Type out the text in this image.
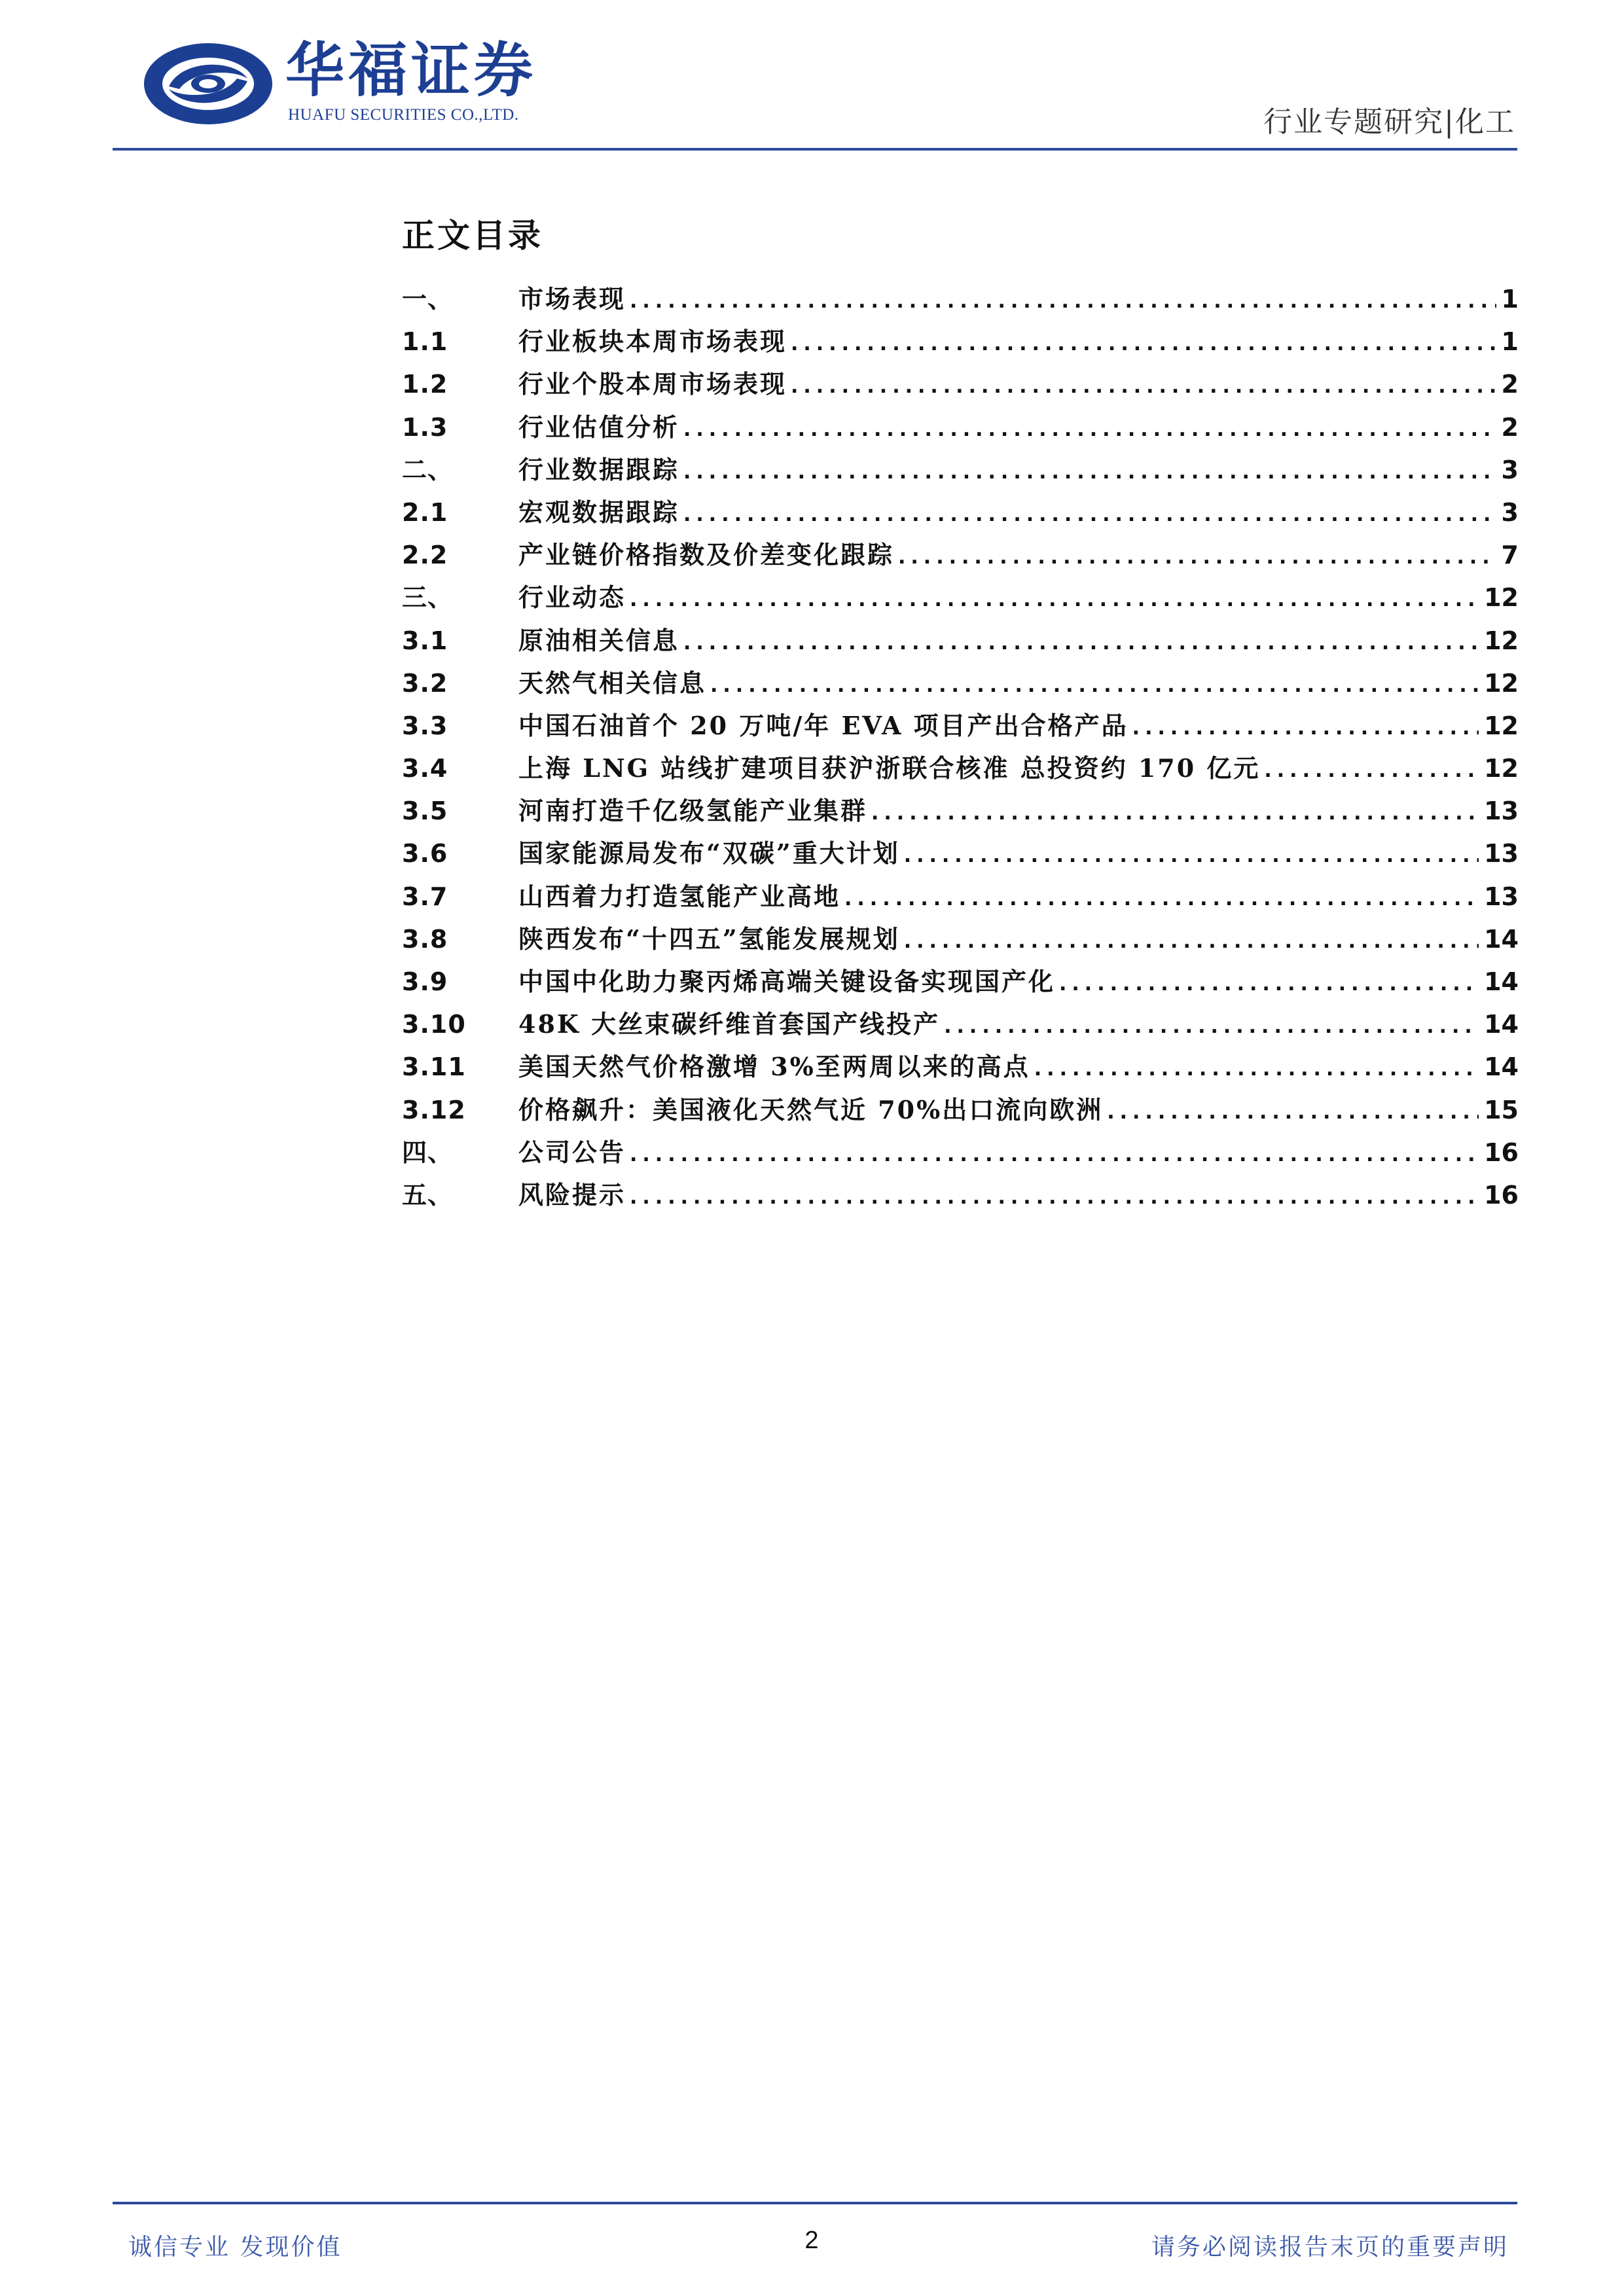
华福证券
HUAFU SECURITIES CO.,LTD.	行业专题研究|化工
正文目录
一、	市场表现 .....	1
1.1	行业板块本周市场表现 .....	1
1.2	行业个股本周市场表现 .....	2
1.3	行业估值分析 .....	2
二、	行业数据跟踪 .....	3
2.1	宏观数据跟踪 .....	3
2.2	产业链价格指数及价差变化跟踪 .....	7
三、	行业动态 .....	12
3.1	原油相关信息 .....	12
3.2	天然气相关信息 .....	12
3.3	中国石油首个 20 万吨/年 EVA 项目产出合格产品 .....	12
3.4	上海 LNG 站线扩建项目获沪浙联合核准 总投资约 170 亿元 .....	12
3.5	河南打造千亿级氢能产业集群 .....	13
3.6	国家能源局发布“双碳”重大计划 .....	13
3.7	山西着力打造氢能产业高地 .....	13
3.8	陕西发布“十四五”氢能发展规划 .....	14
3.9	中国中化助力聚丙烯高端关键设备实现国产化 .....	14
3.10	48K 大丝束碳纤维首套国产线投产 .....	14
3.11	美国天然气价格激增 3%至两周以来的高点 .....	14
3.12	价格飙升：美国液化天然气近 70%出口流向欧洲 .....	15
四、	公司公告 .....	16
五、	风险提示 .....	16
诚信专业 发现价值	2	请务必阅读报告末页的重要声明
